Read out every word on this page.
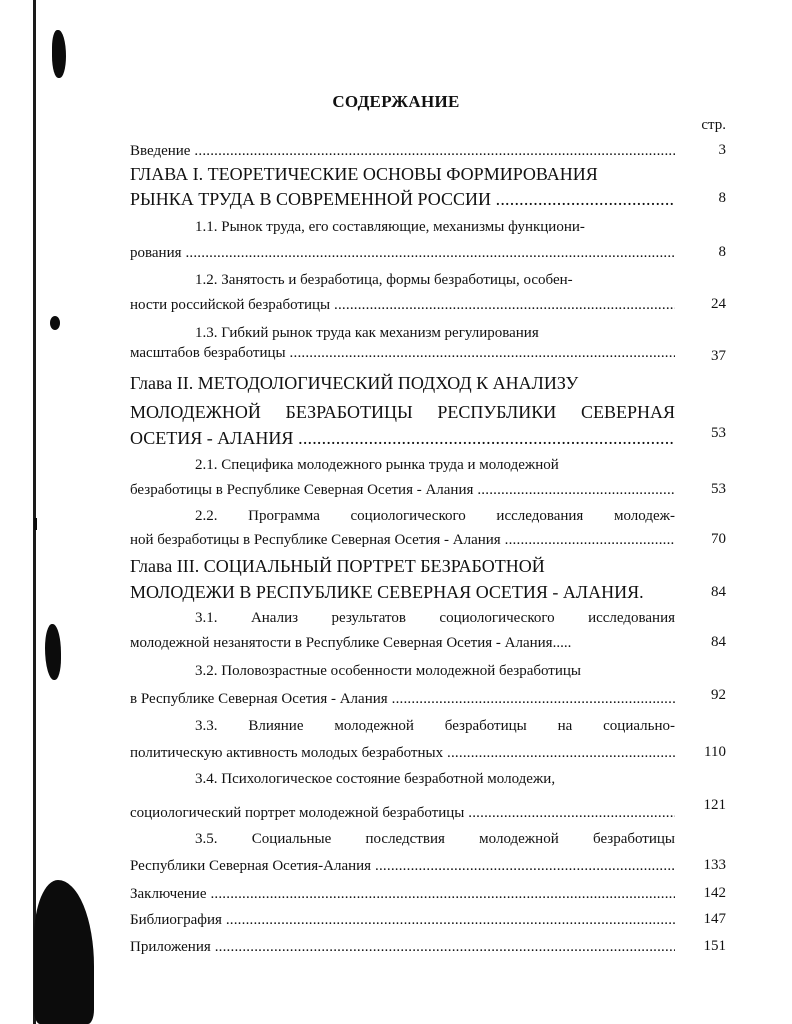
СОДЕРЖАНИЕ
стр.
Введение .....	3
ГЛАВА I. ТЕОРЕТИЧЕСКИЕ ОСНОВЫ ФОРМИРОВАНИЯ
РЫНКА ТРУДА В СОВРЕМЕННОЙ РОССИИ .....	8
1.1. Рынок труда, его составляющие, механизмы функциони-
рования .....	8
1.2. Занятость и безработица, формы безработицы, особен-
ности российской безработицы .....	24
1.3. Гибкий рынок труда как механизм регулирования
масштабов безработицы .....	37
Глава II. МЕТОДОЛОГИЧЕСКИЙ ПОДХОД К АНАЛИЗУ
МОЛОДЕЖНОЙ БЕЗРАБОТИЦЫ РЕСПУБЛИКИ СЕВЕРНАЯ
ОСЕТИЯ - АЛАНИЯ .....	53
2.1. Специфика молодежного рынка труда и молодежной
безработицы в Республике Северная Осетия - Алания .....	53
2.2. Программа социологического исследования молодеж-
ной безработицы в Республике Северная Осетия - Алания .....	70
Глава III. СОЦИАЛЬНЫЙ ПОРТРЕТ БЕЗРАБОТНОЙ
МОЛОДЕЖИ В РЕСПУБЛИКЕ СЕВЕРНАЯ ОСЕТИЯ - АЛАНИЯ.	84
3.1. Анализ результатов социологического исследования
молодежной незанятости в Республике Северная Осетия - Алания.....	84
3.2. Половозрастные особенности молодежной безработицы
в Республике Северная Осетия - Алания .....	92
3.3. Влияние молодежной безработицы на социально-
политическую активность молодых безработных .....	110
3.4. Психологическое состояние безработной молодежи,
социологический портрет молодежной безработицы .....	121
3.5. Социальные последствия молодежной безработицы
Республики Северная Осетия-Алания .....	133
Заключение .....	142
Библиография .....	147
Приложения .....	151
